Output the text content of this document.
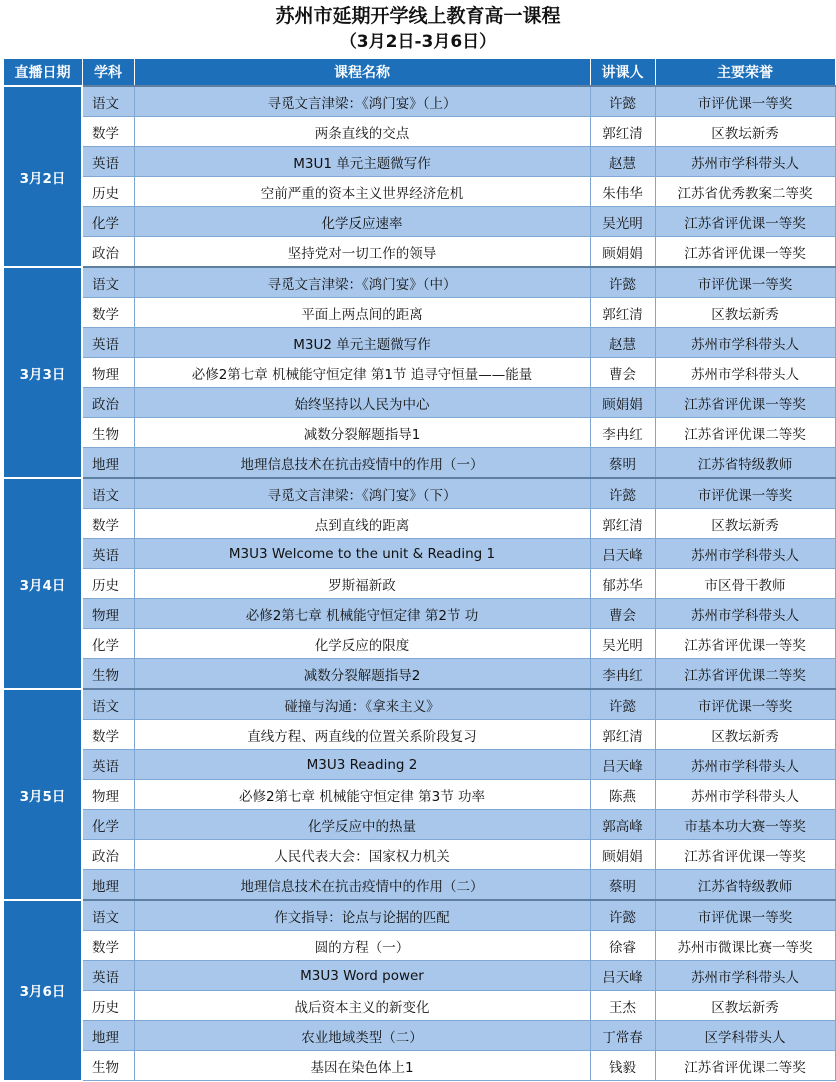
苏州市延期开学线上教育高一课程
（3月2日-3月6日）
直播日期	学科	课程名称	讲课人	主要荣誉
3月2日	语文	寻觅文言津梁：《鸿门宴》（上）	许懿	市评优课一等奖
	数学	两条直线的交点	郭红清	区教坛新秀
	英语	M3U1 单元主题微写作	赵慧	苏州市学科带头人
	历史	空前严重的资本主义世界经济危机	朱伟华	江苏省优秀教案二等奖
	化学	化学反应速率	吴光明	江苏省评优课一等奖
	政治	坚持党对一切工作的领导	顾娟娟	江苏省评优课一等奖
3月3日	语文	寻觅文言津梁：《鸿门宴》（中）	许懿	市评优课一等奖
	数学	平面上两点间的距离	郭红清	区教坛新秀
	英语	M3U2 单元主题微写作	赵慧	苏州市学科带头人
	物理	必修2第七章 机械能守恒定律 第1节 追寻守恒量——能量	曹会	苏州市学科带头人
	政治	始终坚持以人民为中心	顾娟娟	江苏省评优课一等奖
	生物	减数分裂解题指导1	李冉红	江苏省评优课二等奖
	地理	地理信息技术在抗击疫情中的作用（一）	蔡明	江苏省特级教师
3月4日	语文	寻觅文言津梁：《鸿门宴》（下）	许懿	市评优课一等奖
	数学	点到直线的距离	郭红清	区教坛新秀
	英语	M3U3 Welcome to the unit & Reading 1	吕天峰	苏州市学科带头人
	历史	罗斯福新政	郁苏华	市区骨干教师
	物理	必修2第七章 机械能守恒定律 第2节 功	曹会	苏州市学科带头人
	化学	化学反应的限度	吴光明	江苏省评优课一等奖
	生物	减数分裂解题指导2	李冉红	江苏省评优课二等奖
3月5日	语文	碰撞与沟通：《拿来主义》	许懿	市评优课一等奖
	数学	直线方程、两直线的位置关系阶段复习	郭红清	区教坛新秀
	英语	M3U3 Reading 2	吕天峰	苏州市学科带头人
	物理	必修2第七章 机械能守恒定律 第3节 功率	陈燕	苏州市学科带头人
	化学	化学反应中的热量	郭高峰	市基本功大赛一等奖
	政治	人民代表大会：国家权力机关	顾娟娟	江苏省评优课一等奖
	地理	地理信息技术在抗击疫情中的作用（二）	蔡明	江苏省特级教师
3月6日	语文	作文指导：论点与论据的匹配	许懿	市评优课一等奖
	数学	圆的方程（一）	徐睿	苏州市微课比赛一等奖
	英语	M3U3 Word power	吕天峰	苏州市学科带头人
	历史	战后资本主义的新变化	王杰	区教坛新秀
	地理	农业地域类型（二）	丁常春	区学科带头人
	生物	基因在染色体上1	钱毅	江苏省评优课二等奖
